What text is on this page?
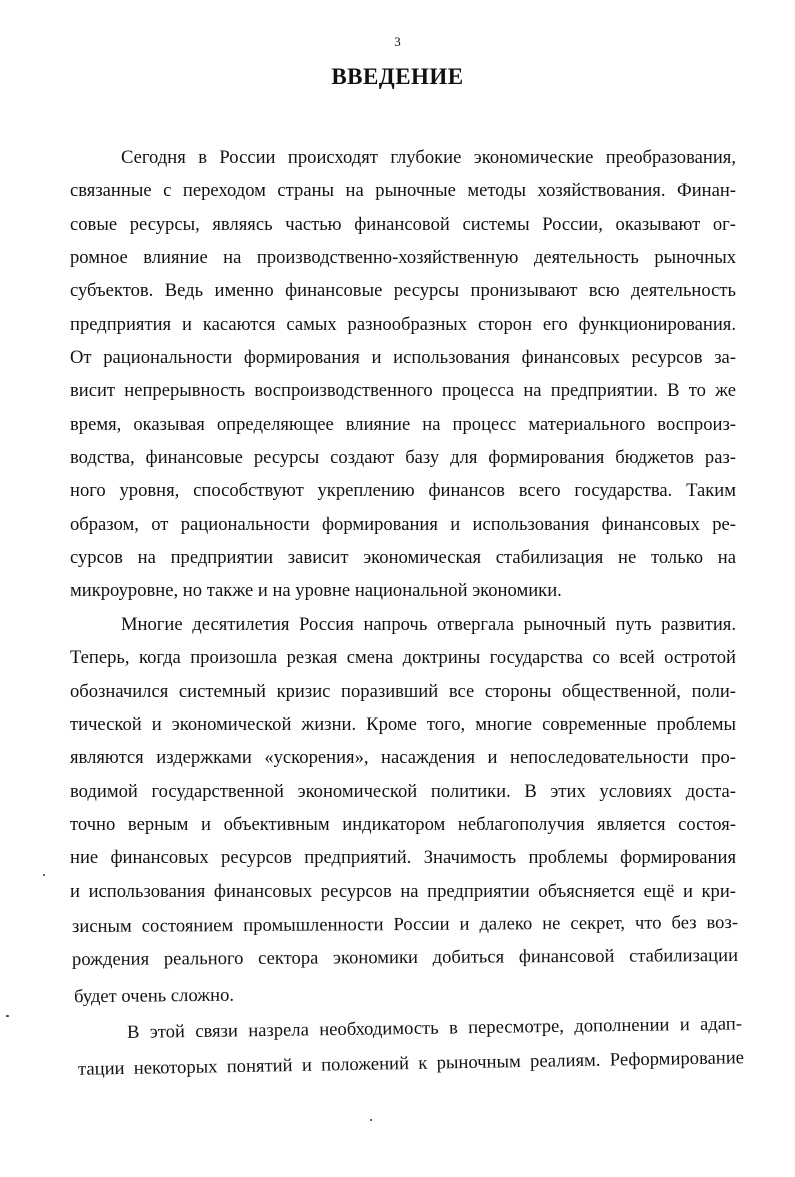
3
ВВЕДЕНИЕ
Сегодня в России происходят глубокие экономические преобразования,
связанные с переходом страны на рыночные методы хозяйствования. Финан-
совые ресурсы, являясь частью финансовой системы России, оказывают ог-
ромное влияние на производственно-хозяйственную деятельность рыночных
субъектов. Ведь именно финансовые ресурсы пронизывают всю деятельность
предприятия и касаются самых разнообразных сторон его функционирования.
От рациональности формирования и использования финансовых ресурсов за-
висит непрерывность воспроизводственного процесса на предприятии. В то же
время, оказывая определяющее влияние на процесс материального воспроиз-
водства, финансовые ресурсы создают базу для формирования бюджетов раз-
ного уровня, способствуют укреплению финансов всего государства. Таким
образом, от рациональности формирования и использования финансовых ре-
сурсов на предприятии зависит экономическая стабилизация не только на
микроуровне, но также и на уровне национальной экономики.
Многие десятилетия Россия напрочь отвергала рыночный путь развития.
Теперь, когда произошла резкая смена доктрины государства со всей остротой
обозначился системный кризис поразивший все стороны общественной, поли-
тической и экономической жизни. Кроме того, многие современные проблемы
являются издержками «ускорения», насаждения и непоследовательности про-
водимой государственной экономической политики. В этих условиях доста-
точно верным и объективным индикатором неблагополучия является состоя-
ние финансовых ресурсов предприятий. Значимость проблемы формирования
и использования финансовых ресурсов на предприятии объясняется ещё и кри-
зисным состоянием промышленности России и далеко не секрет, что без воз-
рождения реального сектора экономики добиться финансовой стабилизации
будет очень сложно.
В этой связи назрела необходимость в пересмотре, дополнении и адап-
тации некоторых понятий и положений к рыночным реалиям. Реформирование
